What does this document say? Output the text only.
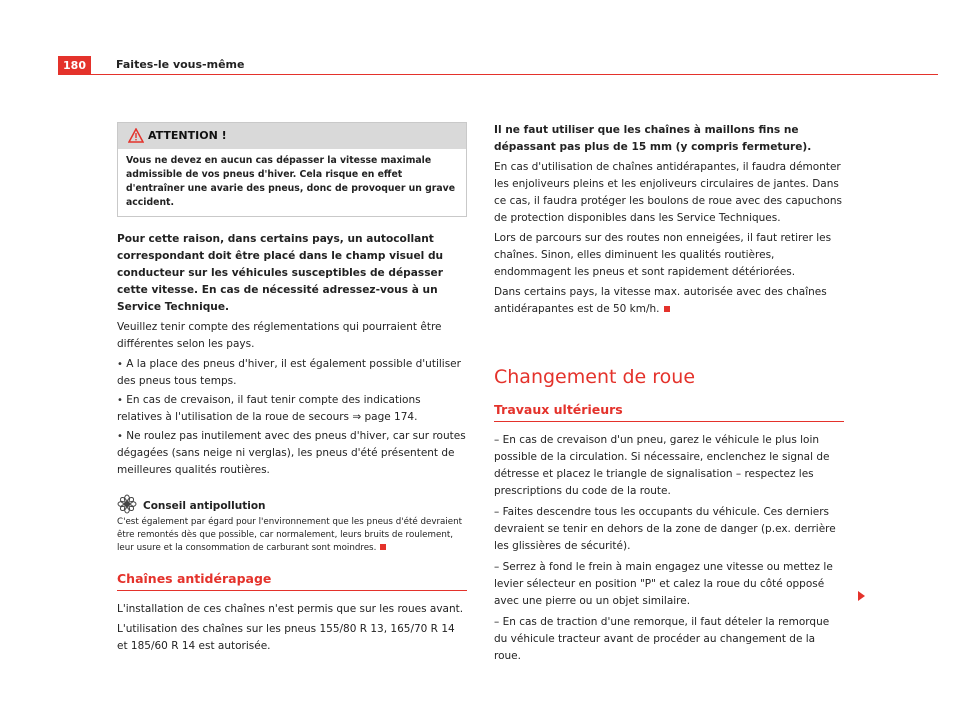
180	Faites-le vous-même
ATTENTION !
Vous ne devez en aucun cas dépasser la vitesse maximale admissible de vos pneus d'hiver. Cela risque en effet d'entraîner une avarie des pneus, donc de provoquer un grave accident.

Pour cette raison, dans certains pays, un autocollant correspondant doit être placé dans le champ visuel du conducteur sur les véhicules susceptibles de dépasser cette vitesse. En cas de nécessité adressez-vous à un Service Technique.

Veuillez tenir compte des réglementations qui pourraient être différentes selon les pays.

• A la place des pneus d'hiver, il est également possible d'utiliser des pneus tous temps.

• En cas de crevaison, il faut tenir compte des indications relatives à l'utilisation de la roue de secours ⇒ page 174.

• Ne roulez pas inutilement avec des pneus d'hiver, car sur routes dégagées (sans neige ni verglas), les pneus d'été présentent de meilleures qualités routières.

Conseil antipollution

C'est également par égard pour l'environnement que les pneus d'été devraient être remontés dès que possible, car normalement, leurs bruits de roulement, leur usure et la consommation de carburant sont moindres.

Chaînes antidérapage

L'installation de ces chaînes n'est permis que sur les roues avant.

L'utilisation des chaînes sur les pneus 155/80 R 13, 165/70 R 14 et 185/60 R 14 est autorisée.

Il ne faut utiliser que les chaînes à maillons fins ne dépassant pas plus de 15 mm (y compris fermeture).

En cas d'utilisation de chaînes antidérapantes, il faudra démonter les enjoliveurs pleins et les enjoliveurs circulaires de jantes. Dans ce cas, il faudra protéger les boulons de roue avec des capuchons de protection disponibles dans les Service Techniques.

Lors de parcours sur des routes non enneigées, il faut retirer les chaînes. Sinon, elles diminuent les qualités routières, endommagent les pneus et sont rapidement détériorées.

Dans certains pays, la vitesse max. autorisée avec des chaînes antidérapantes est de 50 km/h.

Changement de roue
Travaux ultérieurs

– En cas de crevaison d'un pneu, garez le véhicule le plus loin possible de la circulation. Si nécessaire, enclenchez le signal de détresse et placez le triangle de signalisation – respectez les prescriptions du code de la route.

– Faites descendre tous les occupants du véhicule. Ces derniers devraient se tenir en dehors de la zone de danger (p.ex. derrière les glissières de sécurité).

– Serrez à fond le frein à main engagez une vitesse ou mettez le levier sélecteur en position "P" et calez la roue du côté opposé avec une pierre ou un objet similaire.

– En cas de traction d'une remorque, il faut dételer la remorque du véhicule tracteur avant de procéder au changement de la roue.
